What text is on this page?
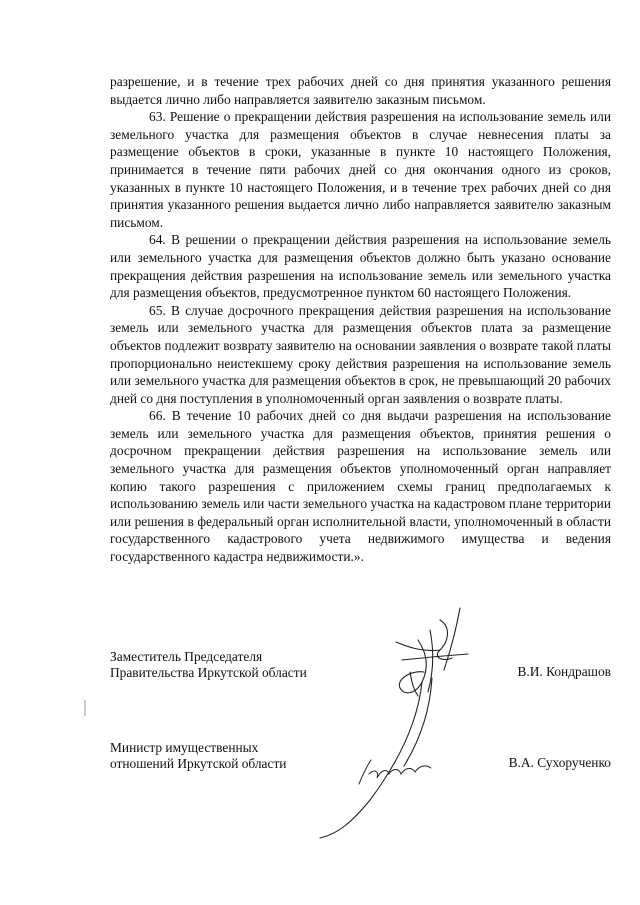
разрешение, и в течение трех рабочих дней со дня принятия указанного решения выдается лично либо направляется заявителю заказным письмом.

63. Решение о прекращении действия разрешения на использование земель или земельного участка для размещения объектов в случае невнесения платы за размещение объектов в сроки, указанные в пункте 10 настоящего Положения, принимается в течение пяти рабочих дней со дня окончания одного из сроков, указанных в пункте 10 настоящего Положения, и в течение трех рабочих дней со дня принятия указанного решения выдается лично либо направляется заявителю заказным письмом.

64. В решении о прекращении действия разрешения на использование земель или земельного участка для размещения объектов должно быть указано основание прекращения действия разрешения на использование земель или земельного участка для размещения объектов, предусмотренное пунктом 60 настоящего Положения.

65. В случае досрочного прекращения действия разрешения на использование земель или земельного участка для размещения объектов плата за размещение объектов подлежит возврату заявителю на основании заявления о возврате такой платы пропорционально неистекшему сроку действия разрешения на использование земель или земельного участка для размещения объектов в срок, не превышающий 20 рабочих дней со дня поступления в уполномоченный орган заявления о возврате платы.

66. В течение 10 рабочих дней со дня выдачи разрешения на использование земель или земельного участка для размещения объектов, принятия решения о досрочном прекращении действия разрешения на использование земель или земельного участка для размещения объектов уполномоченный орган направляет копию такого разрешения с приложением схемы границ предполагаемых к использованию земель или части земельного участка на кадастровом плане территории или решения в федеральный орган исполнительной власти, уполномоченный в области государственного кадастрового учета недвижимого имущества и ведения государственного кадастра недвижимости.».

Заместитель Председателя
Правительства Иркутской области	В.И. Кондрашов
Министр имущественных
отношений Иркутской области	В.А. Сухорученко
